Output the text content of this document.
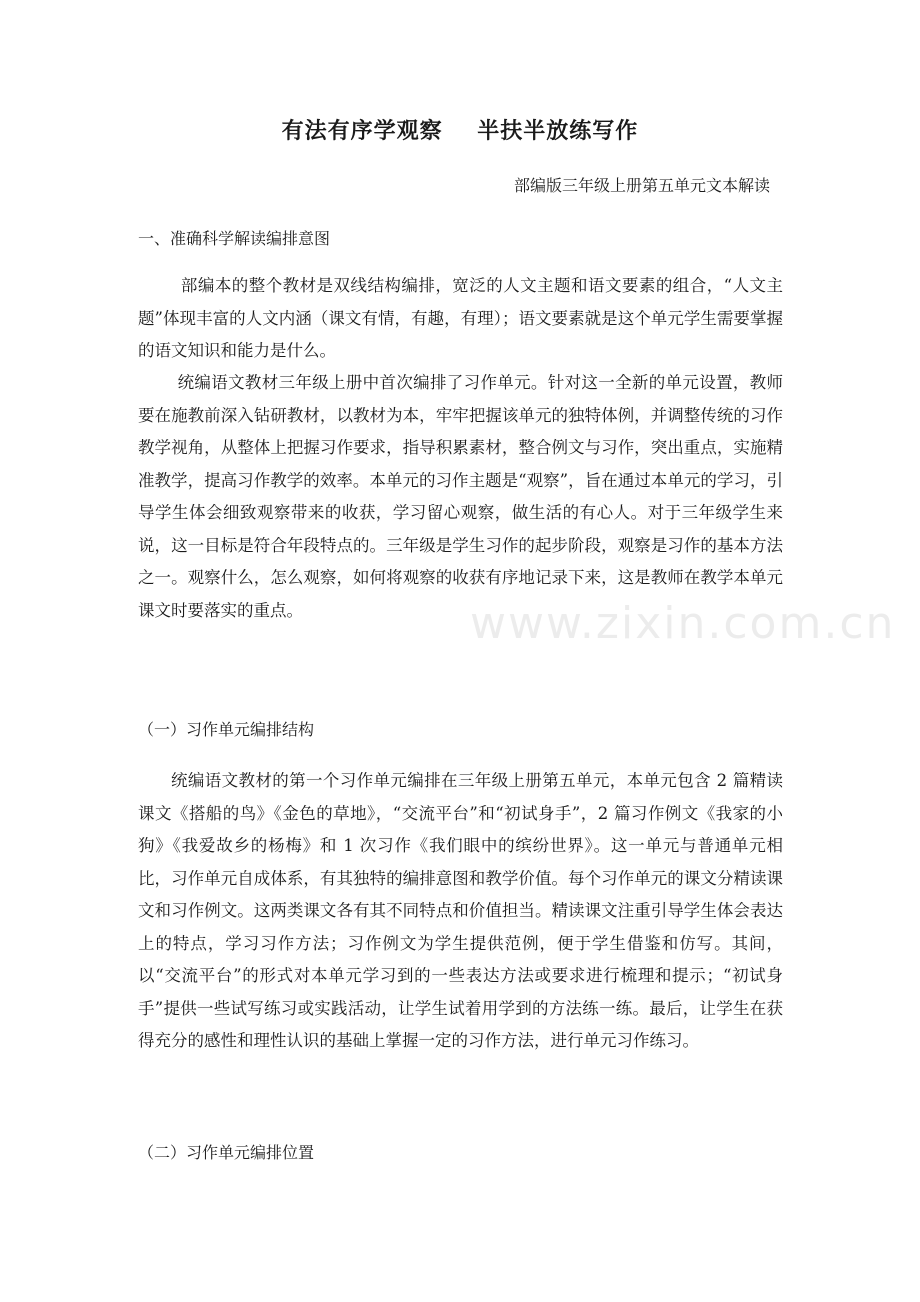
有法有序学观察    半扶半放练写作

部编版三年级上册第五单元文本解读

一、准确科学解读编排意图

部编本的整个教材是双线结构编排，宽泛的人文主题和语文要素的组合，“人文主题”体现丰富的人文内涵（课文有情，有趣，有理）；语文要素就是这个单元学生需要掌握的语文知识和能力是什么。

统编语文教材三年级上册中首次编排了习作单元。针对这一全新的单元设置，教师要在施教前深入钻研教材，以教材为本，牢牢把握该单元的独特体例，并调整传统的习作教学视角，从整体上把握习作要求，指导积累素材，整合例文与习作，突出重点，实施精准教学，提高习作教学的效率。本单元的习作主题是“观察”，旨在通过本单元的学习，引导学生体会细致观察带来的收获，学习留心观察，做生活的有心人。对于三年级学生来说，这一目标是符合年段特点的。三年级是学生习作的起步阶段，观察是习作的基本方法之一。观察什么，怎么观察，如何将观察的收获有序地记录下来，这是教师在教学本单元课文时要落实的重点。

（一）习作单元编排结构

统编语文教材的第一个习作单元编排在三年级上册第五单元，本单元包含 2 篇精读课文《搭船的鸟》《金色的草地》，“交流平台”和“初试身手”，2 篇习作例文《我家的小狗》《我爱故乡的杨梅》和 1 次习作《我们眼中的缤纷世界》。这一单元与普通单元相比，习作单元自成体系，有其独特的编排意图和教学价值。每个习作单元的课文分精读课文和习作例文。这两类课文各有其不同特点和价值担当。精读课文注重引导学生体会表达上的特点，学习习作方法；习作例文为学生提供范例，便于学生借鉴和仿写。其间，以“交流平台”的形式对本单元学习到的一些表达方法或要求进行梳理和提示；“初试身手”提供一些试写练习或实践活动，让学生试着用学到的方法练一练。最后，让学生在获得充分的感性和理性认识的基础上掌握一定的习作方法，进行单元习作练习。

（二）习作单元编排位置

www.zixin.com.cn
